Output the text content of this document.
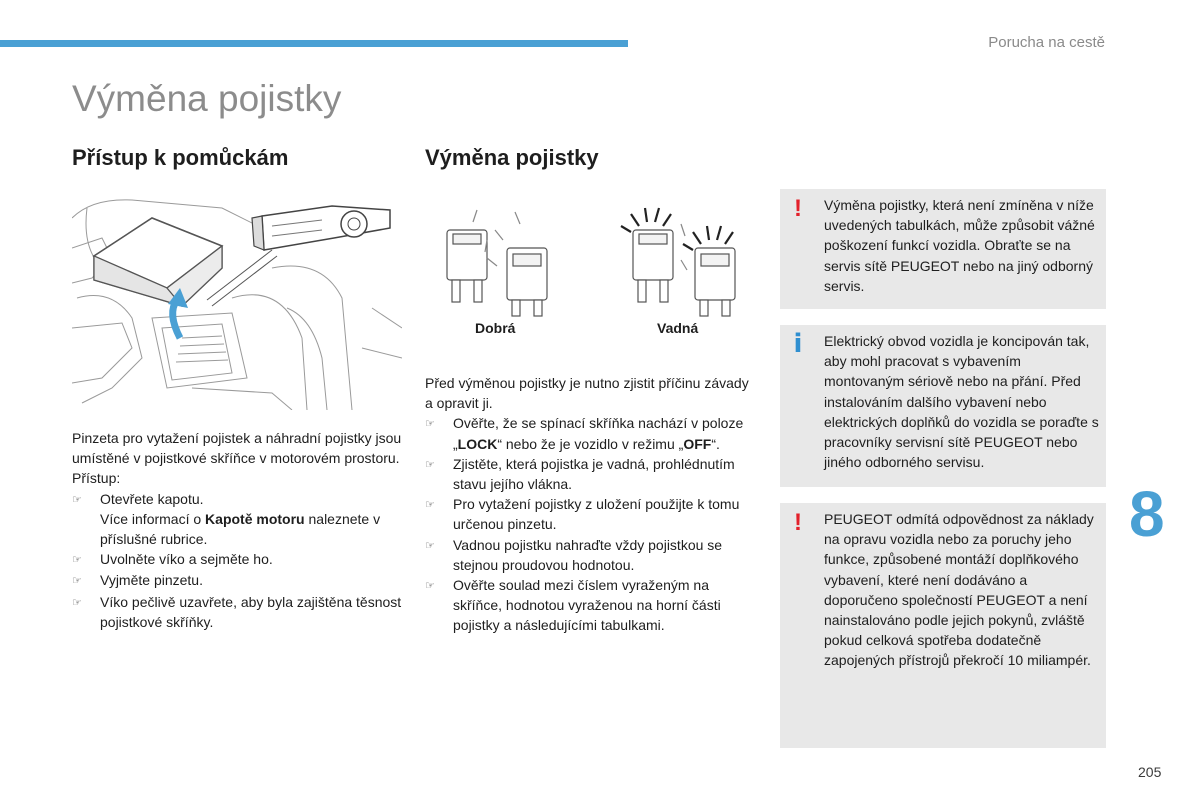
Porucha na cestě
Výměna pojistky
Přístup k pomůckám	Výměna pojistky
Dobrá	Vadná

Pinzeta pro vytažení pojistek a náhradní pojistky jsou umístěné v pojistkové skříňce v motorovém prostoru.

Přístup:

☞	Otevřete kapotu.
Více informací o Kapotě motoru naleznete v příslušné rubrice.
☞	Uvolněte víko a sejměte ho.
☞	Vyjměte pinzetu.
☞	Víko pečlivě uzavřete, aby byla zajištěna těsnost pojistkové skříňky.

Před výměnou pojistky je nutno zjistit příčinu závady a opravit ji.

☞	Ověřte, že se spínací skříňka nachází v poloze „LOCK“ nebo že je vozidlo v režimu „OFF“.
☞	Zjistěte, která pojistka je vadná, prohlédnutím stavu jejího vlákna.
☞	Pro vytažení pojistky z uložení použijte k tomu určenou pinzetu.
☞	Vadnou pojistku nahraďte vždy pojistkou se stejnou proudovou hodnotou.
☞	Ověřte soulad mezi číslem vyraženým na skříňce, hodnotou vyraženou na horní části pojistky a následujícími tabulkami.
! Výměna pojistky, která není zmíněna v níže uvedených tabulkách, může způsobit vážné poškození funkcí vozidla. Obraťte se na servis sítě PEUGEOT nebo na jiný odborný servis.
i Elektrický obvod vozidla je koncipován tak, aby mohl pracovat s vybavením montovaným sériově nebo na přání. Před instalováním dalšího vybavení nebo elektrických doplňků do vozidla se poraďte s pracovníky servisní sítě PEUGEOT nebo jiného odborného servisu.
! PEUGEOT odmítá odpovědnost za náklady na opravu vozidla nebo za poruchy jeho funkce, způsobené montáží doplňkového vybavení, které není dodáváno a doporučeno společností PEUGEOT a není nainstalováno podle jejich pokynů, zvláště pokud celková spotřeba dodatečně zapojených přístrojů překročí 10 miliampér.
8
205
